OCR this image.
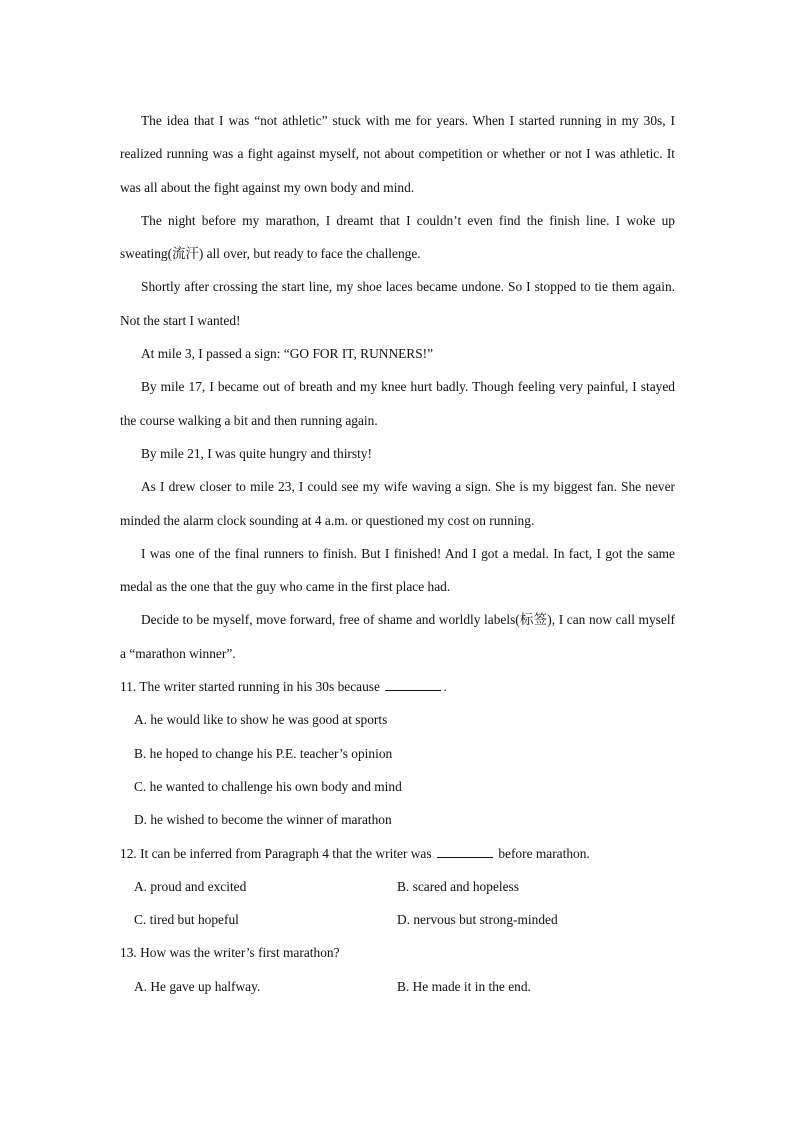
The idea that I was “not athletic” stuck with me for years. When I started running in my 30s, I realized running was a fight against myself, not about competition or whether or not I was athletic. It was all about the fight against my own body and mind.

The night before my marathon, I dreamt that I couldn’t even find the finish line. I woke up sweating(流汗) all over, but ready to face the challenge.

Shortly after crossing the start line, my shoe laces became undone. So I stopped to tie them again. Not the start I wanted!

At mile 3, I passed a sign: “GO FOR IT, RUNNERS!”

By mile 17, I became out of breath and my knee hurt badly. Though feeling very painful, I stayed the course walking a bit and then running again.

By mile 21, I was quite hungry and thirsty!

As I drew closer to mile 23, I could see my wife waving a sign. She is my biggest fan. She never minded the alarm clock sounding at 4 a.m. or questioned my cost on running.

I was one of the final runners to finish. But I finished! And I got a medal. In fact, I got the same medal as the one that the guy who came in the first place had.

Decide to be myself, move forward, free of shame and worldly labels(标签), I can now call myself a “marathon winner”.

11. The writer started running in his 30s because	.

A. he would like to show he was good at sports

B. he hoped to change his P.E. teacher’s opinion

C. he wanted to challenge his own body and mind

D. he wished to become the winner of marathon

12. It can be inferred from Paragraph 4 that the writer was	before marathon.

A. proud and excited	B. scared and hopeless
C. tired but hopeful	D. nervous but strong-minded

13. How was the writer’s first marathon?

A. He gave up halfway.	B. He made it in the end.
